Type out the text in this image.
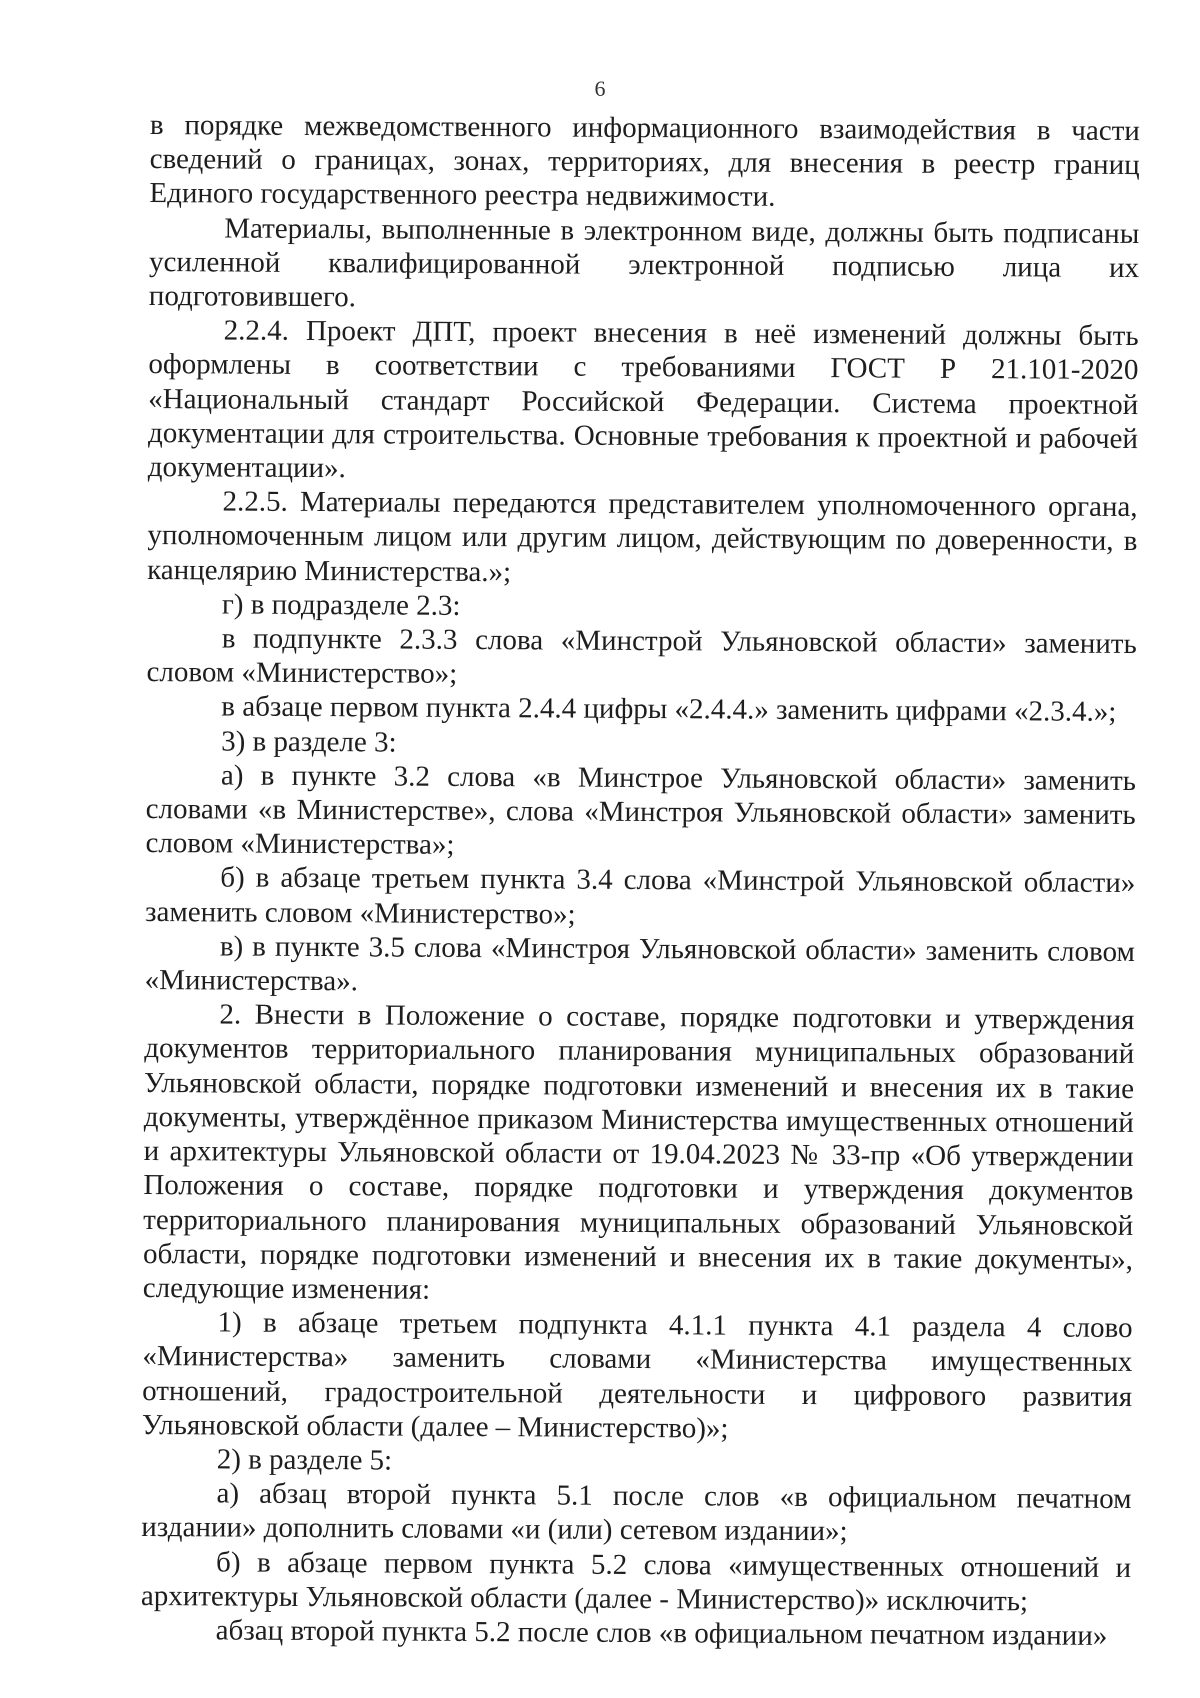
6

в порядке межведомственного информационного взаимодействия в части сведений о границах, зонах, территориях, для внесения в реестр границ Единого государственного реестра недвижимости.

Материалы, выполненные в электронном виде, должны быть подписаны усиленной квалифицированной электронной подписью лица их подготовившего.

2.2.4. Проект ДПТ, проект внесения в неё изменений должны быть оформлены в соответствии с требованиями ГОСТ Р 21.101-2020 «Национальный стандарт Российской Федерации. Система проектной документации для строительства. Основные требования к проектной и рабочей документации».

2.2.5. Материалы передаются представителем уполномоченного органа, уполномоченным лицом или другим лицом, действующим по доверенности, в канцелярию Министерства.»;

г) в подразделе 2.3:

в подпункте 2.3.3 слова «Минстрой Ульяновской области» заменить словом «Министерство»;

в абзаце первом пункта 2.4.4 цифры «2.4.4.» заменить цифрами «2.3.4.»;

3) в разделе 3:

а) в пункте 3.2 слова «в Минстрое Ульяновской области» заменить словами «в Министерстве», слова «Минстроя Ульяновской области» заменить словом «Министерства»;

б) в абзаце третьем пункта 3.4 слова «Минстрой Ульяновской области» заменить словом «Министерство»;

в) в пункте 3.5 слова «Минстроя Ульяновской области» заменить словом «Министерства».

2. Внести в Положение о составе, порядке подготовки и утверждения документов территориального планирования муниципальных образований Ульяновской области, порядке подготовки изменений и внесения их в такие документы, утверждённое приказом Министерства имущественных отношений и архитектуры Ульяновской области от 19.04.2023 № 33-пр «Об утверждении Положения о составе, порядке подготовки и утверждения документов территориального планирования муниципальных образований Ульяновской области, порядке подготовки изменений и внесения их в такие документы», следующие изменения:

1) в абзаце третьем подпункта 4.1.1 пункта 4.1 раздела 4 слово «Министерства» заменить словами «Министерства имущественных отношений, градостроительной деятельности и цифрового развития Ульяновской области (далее – Министерство)»;

2) в разделе 5:

а) абзац второй пункта 5.1 после слов «в официальном печатном издании» дополнить словами «и (или) сетевом издании»;

б) в абзаце первом пункта 5.2 слова «имущественных отношений и архитектуры Ульяновской области (далее - Министерство)» исключить;

абзац второй пункта 5.2 после слов «в официальном печатном издании»
